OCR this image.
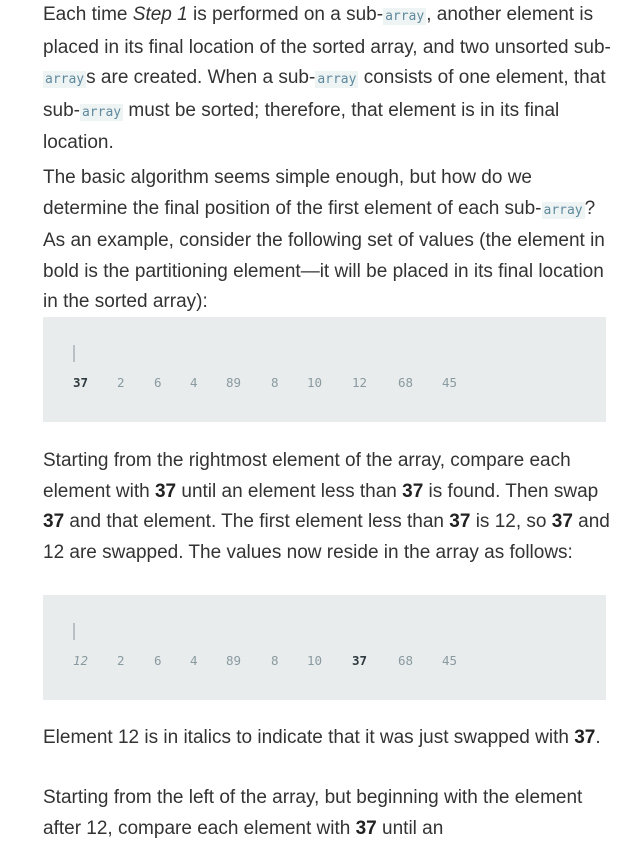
Each time Step 1 is performed on a sub- array , another element is placed in its final location of the sorted array, and two unsorted sub-array s are created. When a sub- array consists of one element, that sub- array must be sorted; therefore, that element is in its final location.

The basic algorithm seems simple enough, but how do we determine the final position of the first element of each sub- array ? As an example, consider the following set of values (the element in bold is the partitioning element—it will be placed in its final location in the sorted array):

37 2 6 4 89 8 10 12 68 45

Starting from the rightmost element of the array, compare each element with 37 until an element less than 37 is found. Then swap 37 and that element. The first element less than 37 is 12, so 37 and 12 are swapped. The values now reside in the array as follows:

12 2 6 4 89 8 10 37 68 45

Element 12 is in italics to indicate that it was just swapped with 37.

Starting from the left of the array, but beginning with the element after 12, compare each element with 37 until an
